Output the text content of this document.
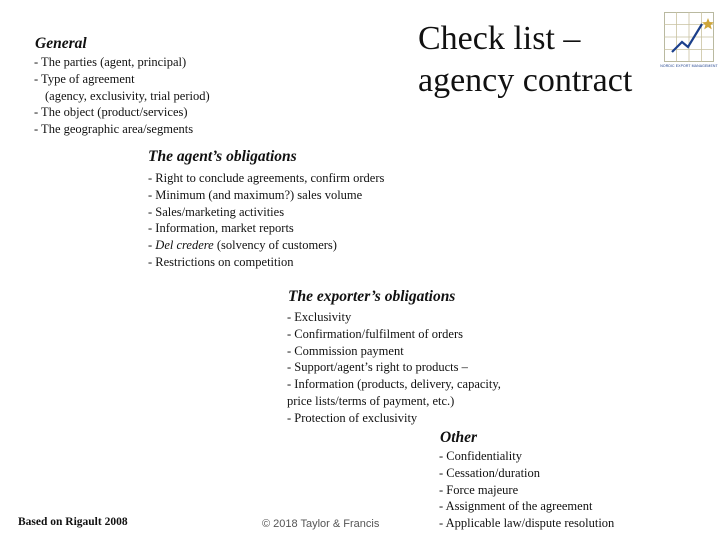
Check list –
agency contract	NORDIC EXPORT MANAGEMENT
General
- The parties (agent, principal)
- Type of agreement
(agency, exclusivity, trial period)
- The object (product/services)
- The geographic area/segments
The agent’s obligations
- Right to conclude agreements, confirm orders
- Minimum (and maximum?) sales volume
- Sales/marketing activities
- Information, market reports
- Del credere (solvency of customers)
- Restrictions on competition
The exporter’s obligations
- Exclusivity
- Confirmation/fulfilment of orders
- Commission payment
- Support/agent’s right to products –
- Information (products, delivery, capacity,
price lists/terms of payment, etc.)
- Protection of exclusivity
Other
- Confidentiality
- Cessation/duration
- Force majeure
- Assignment of the agreement
- Applicable law/dispute resolution
Based on Rigault 2008	© 2018 Taylor & Francis
